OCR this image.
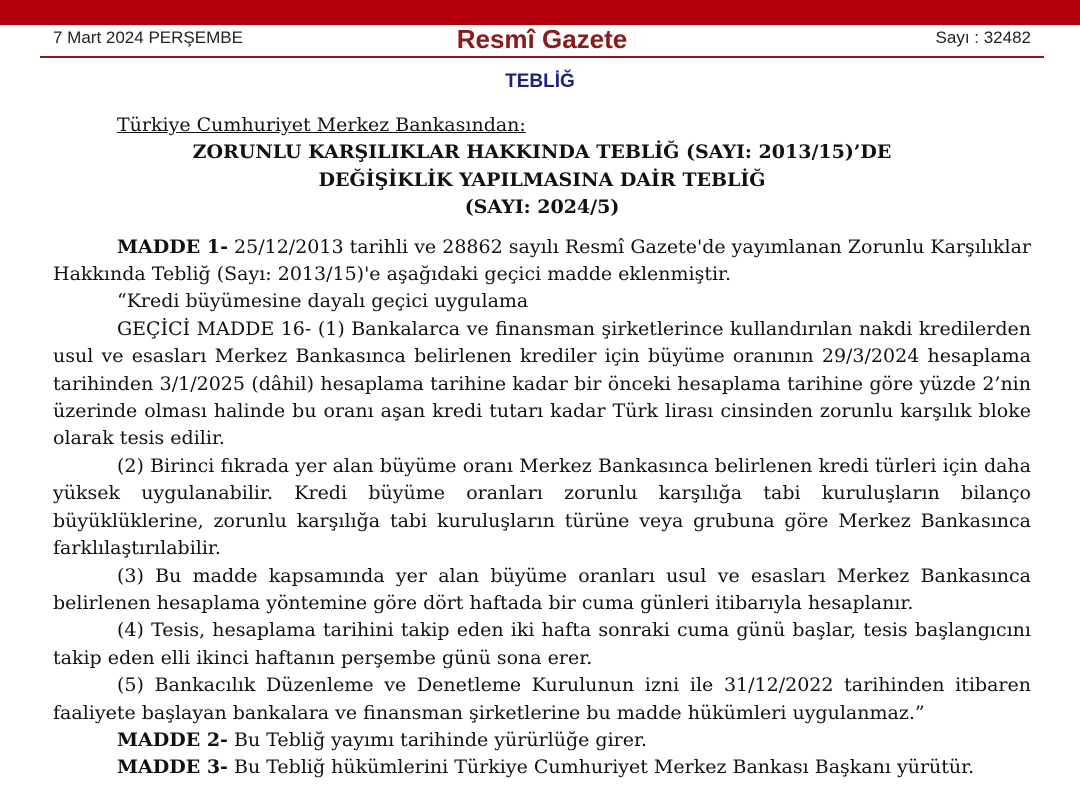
7 Mart 2024 PERŞEMBE	Resmî Gazete	Sayı : 32482
TEBLİĞ
Türkiye Cumhuriyet Merkez Bankasından:
ZORUNLU KARŞILIKLAR HAKKINDA TEBLİĞ (SAYI: 2013/15)’DE
DEĞİŞİKLİK YAPILMASINA DAİR TEBLİĞ
(SAYI: 2024/5)

MADDE 1- 25/12/2013 tarihli ve 28862 sayılı Resmî Gazete'de yayımlanan Zorunlu Karşılıklar Hakkında Tebliğ (Sayı: 2013/15)'e aşağıdaki geçici madde eklenmiştir.

“Kredi büyümesine dayalı geçici uygulama

GEÇİCİ MADDE 16- (1) Bankalarca ve finansman şirketlerince kullandırılan nakdi kredilerden usul ve esasları Merkez Bankasınca belirlenen krediler için büyüme oranının 29/3/2024 hesaplama tarihinden 3/1/2025 (dâhil) hesaplama tarihine kadar bir önceki hesaplama tarihine göre yüzde 2’nin üzerinde olması halinde bu oranı aşan kredi tutarı kadar Türk lirası cinsinden zorunlu karşılık bloke olarak tesis edilir.

(2) Birinci fıkrada yer alan büyüme oranı Merkez Bankasınca belirlenen kredi türleri için daha yüksek uygulanabilir. Kredi büyüme oranları zorunlu karşılığa tabi kuruluşların bilanço büyüklüklerine, zorunlu karşılığa tabi kuruluşların türüne veya grubuna göre Merkez Bankasınca farklılaştırılabilir.

(3) Bu madde kapsamında yer alan büyüme oranları usul ve esasları Merkez Bankasınca belirlenen hesaplama yöntemine göre dört haftada bir cuma günleri itibarıyla hesaplanır.

(4) Tesis, hesaplama tarihini takip eden iki hafta sonraki cuma günü başlar, tesis başlangıcını takip eden elli ikinci haftanın perşembe günü sona erer.

(5) Bankacılık Düzenleme ve Denetleme Kurulunun izni ile 31/12/2022 tarihinden itibaren faaliyete başlayan bankalara ve finansman şirketlerine bu madde hükümleri uygulanmaz.”

MADDE 2- Bu Tebliğ yayımı tarihinde yürürlüğe girer.

MADDE 3- Bu Tebliğ hükümlerini Türkiye Cumhuriyet Merkez Bankası Başkanı yürütür.
